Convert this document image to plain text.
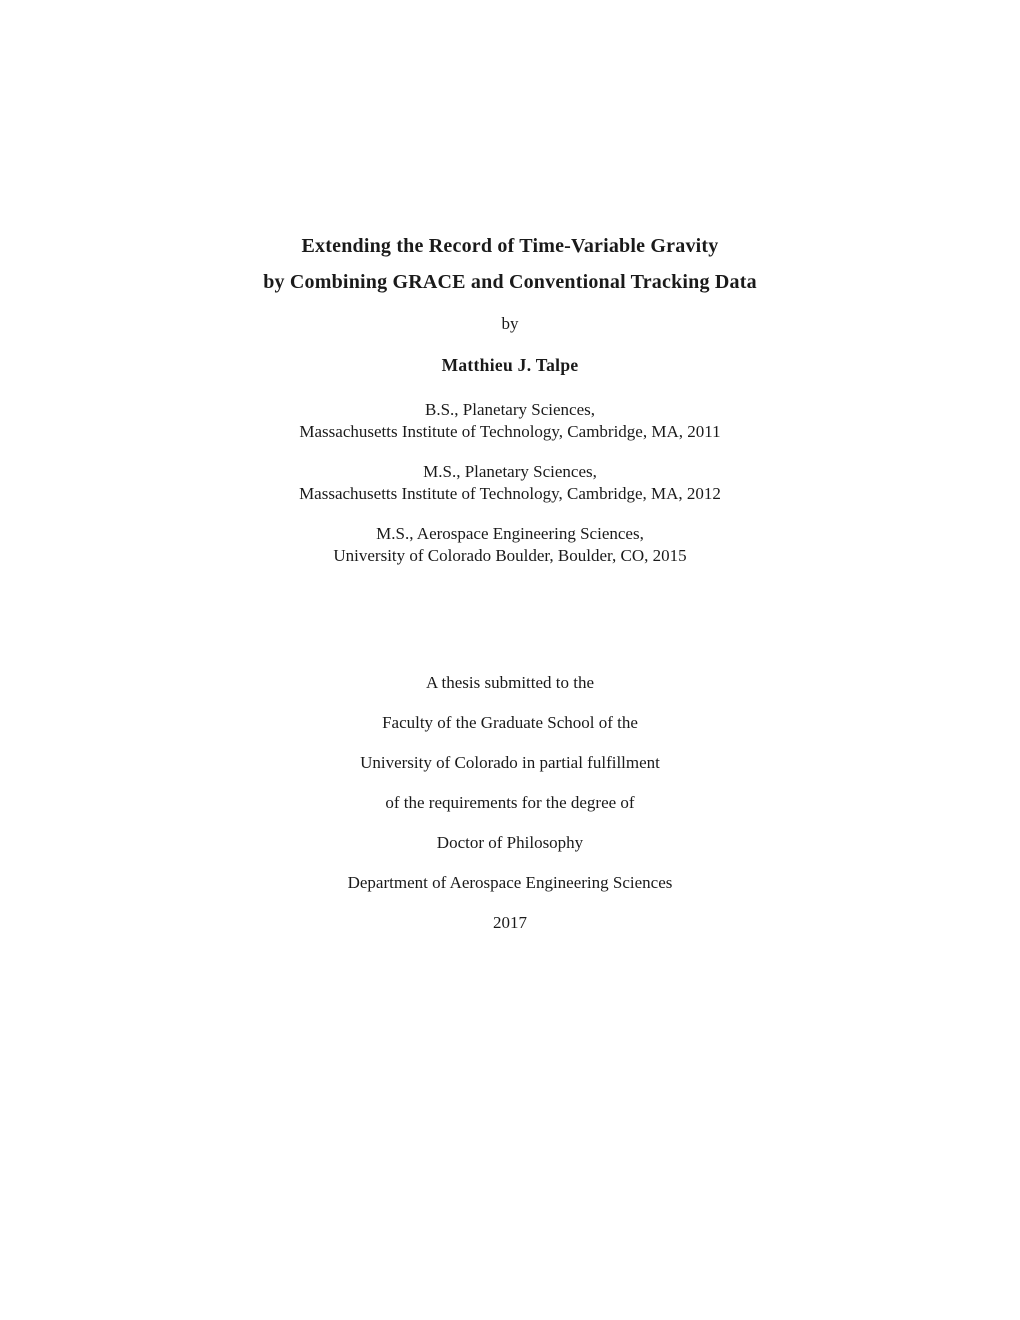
Extending the Record of Time-Variable Gravity
by Combining GRACE and Conventional Tracking Data
by
Matthieu J. Talpe
B.S., Planetary Sciences,
Massachusetts Institute of Technology, Cambridge, MA, 2011
M.S., Planetary Sciences,
Massachusetts Institute of Technology, Cambridge, MA, 2012
M.S., Aerospace Engineering Sciences,
University of Colorado Boulder, Boulder, CO, 2015
A thesis submitted to the
Faculty of the Graduate School of the
University of Colorado in partial fulfillment
of the requirements for the degree of
Doctor of Philosophy
Department of Aerospace Engineering Sciences
2017
